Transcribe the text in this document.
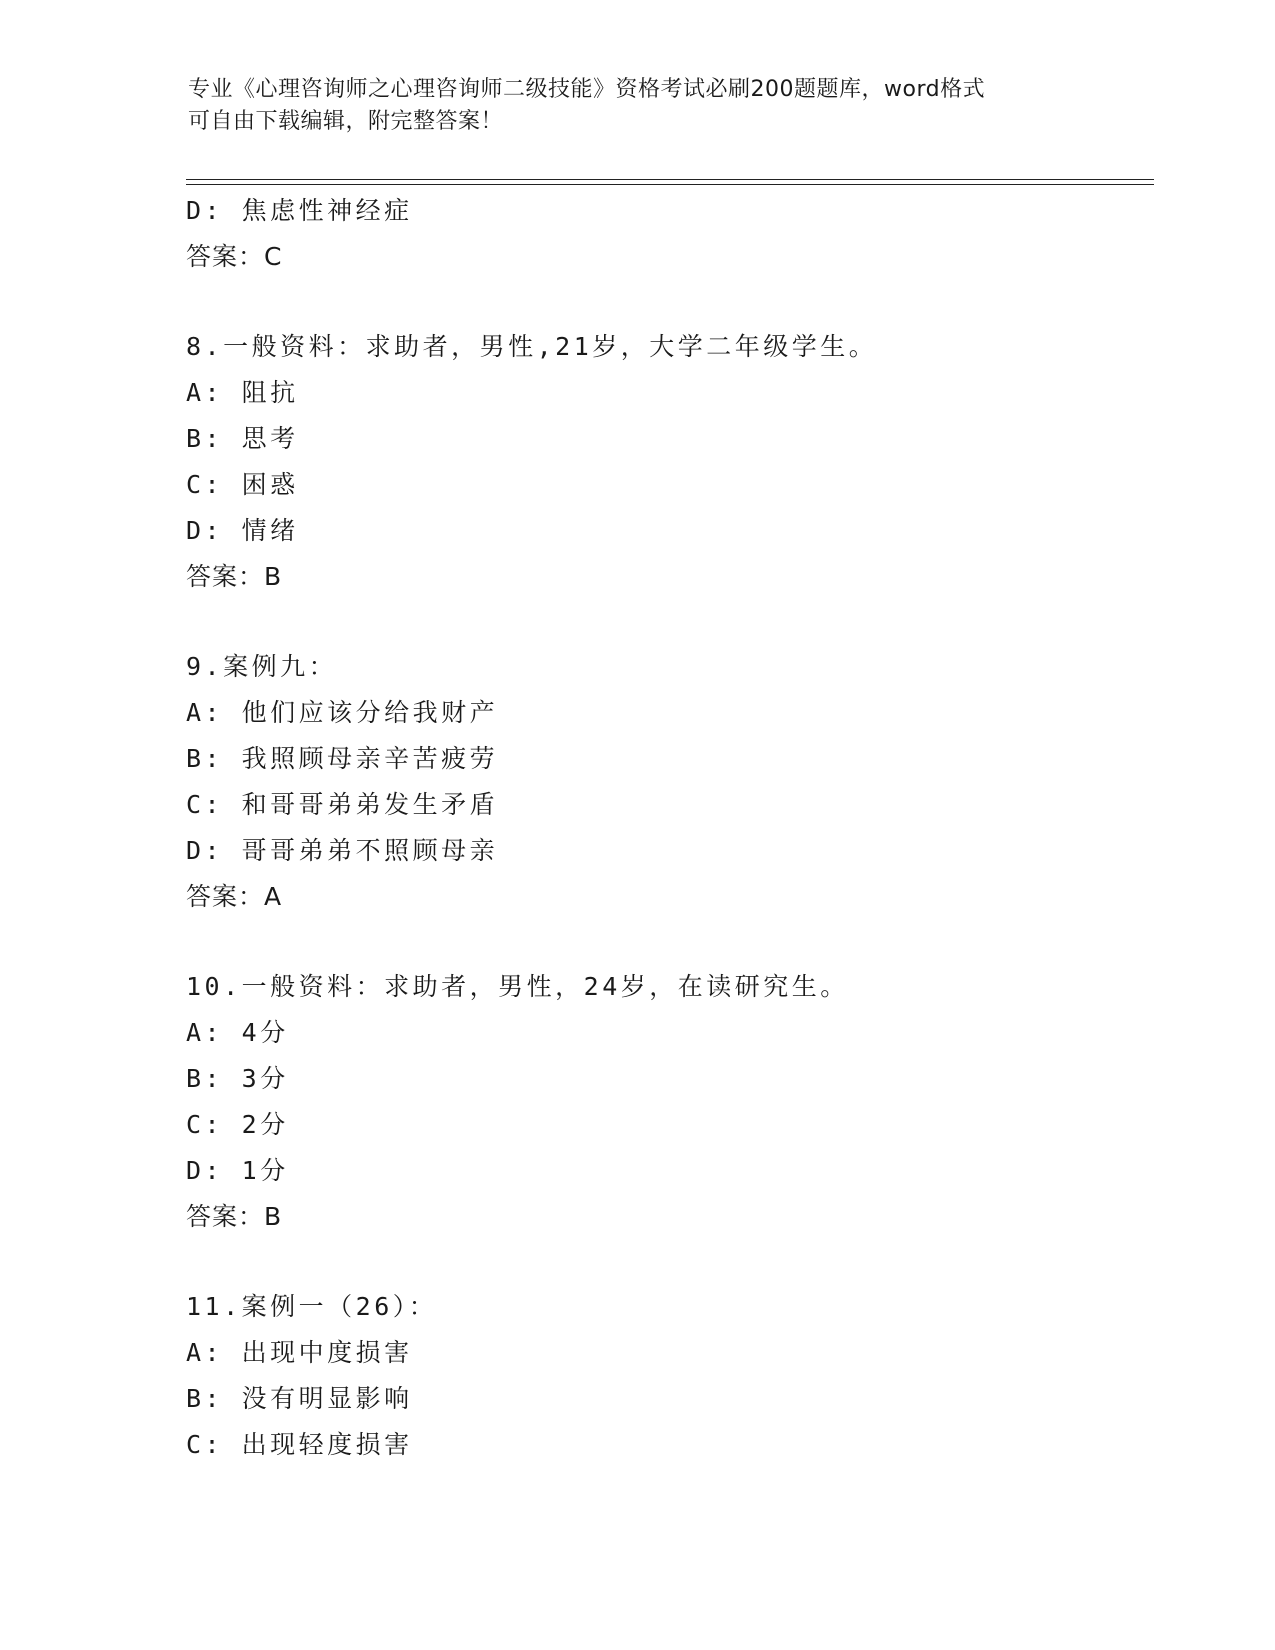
专业《心理咨询师之心理咨询师二级技能》资格考试必刷200题题库，word格式
可自由下载编辑，附完整答案！
D: 焦虑性神经症
答案：C
8.一般资料：求助者，男性,21岁，大学二年级学生。
A: 阻抗
B: 思考
C: 困惑
D: 情绪
答案：B
9.案例九：
A: 他们应该分给我财产
B: 我照顾母亲辛苦疲劳
C: 和哥哥弟弟发生矛盾
D: 哥哥弟弟不照顾母亲
答案：A
10.一般资料：求助者，男性，24岁，在读研究生。
A: 4分
B: 3分
C: 2分
D: 1分
答案：B
11.案例一（26）：
A: 出现中度损害
B: 没有明显影响
C: 出现轻度损害
